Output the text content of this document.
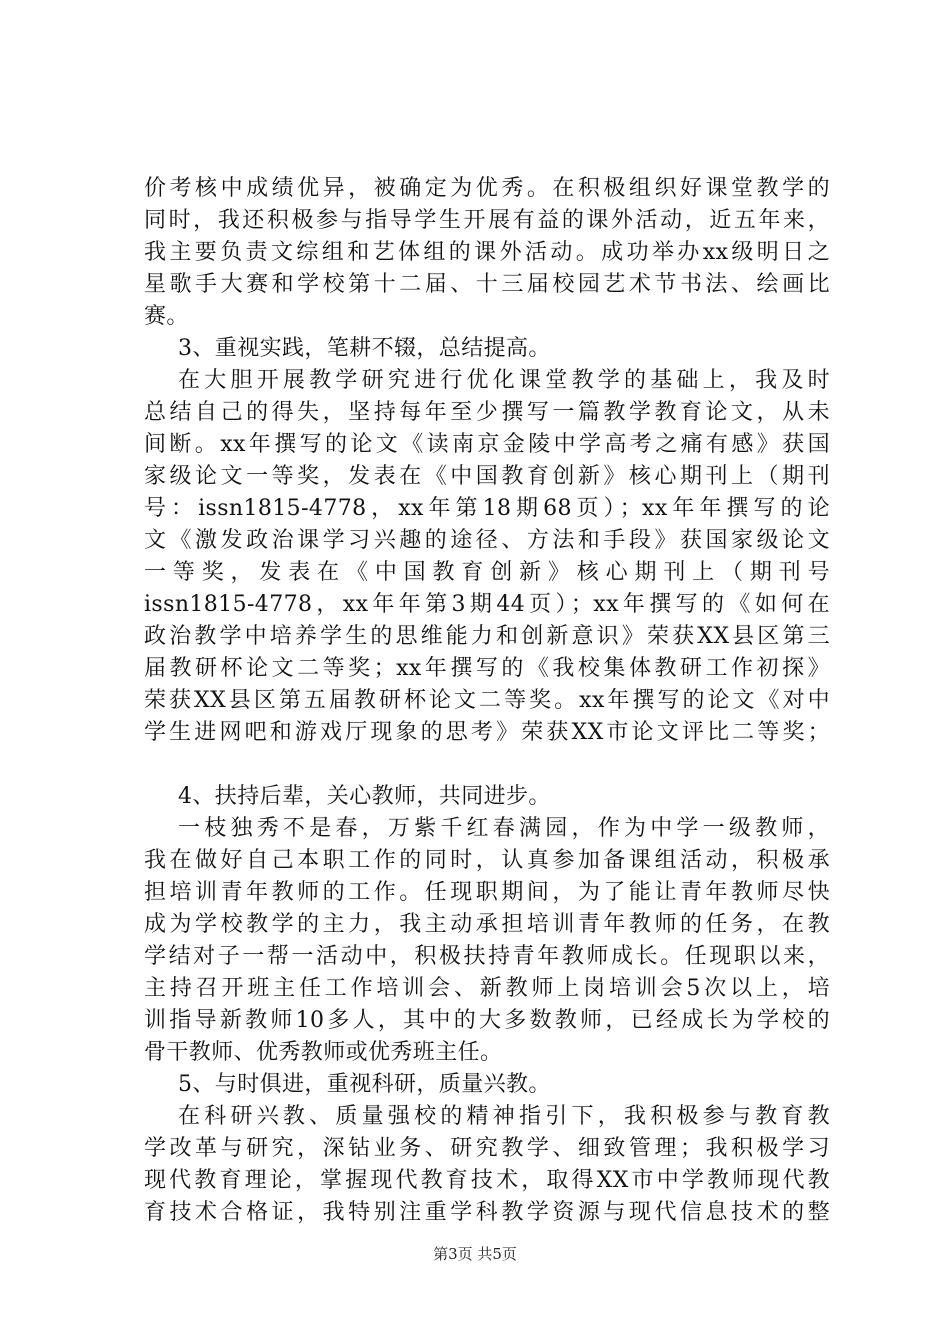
价考核中成绩优异，被确定为优秀。在积极组织好课堂教学的
同时，我还积极参与指导学生开展有益的课外活动，近五年来，
我主要负责文综组和艺体组的课外活动。成功举办xx级明日之
星歌手大赛和学校第十二届、十三届校园艺术节书法、绘画比
赛。
3、重视实践，笔耕不辍，总结提高。
在大胆开展教学研究进行优化课堂教学的基础上，我及时
总结自己的得失，坚持每年至少撰写一篇教学教育论文，从未
间断。xx年撰写的论文《读南京金陵中学高考之痛有感》获国
家级论文一等奖，发表在《中国教育创新》核心期刊上（期刊
号：issn1815-4778，xx年第18期68页）；xx年年撰写的论
文《激发政治课学习兴趣的途径、方法和手段》获国家级论文
一等奖，发表在《中国教育创新》核心期刊上（期刊号
issn1815-4778，xx年年第3期44页）；xx年撰写的《如何在
政治教学中培养学生的思维能力和创新意识》荣获XX县区第三
届教研杯论文二等奖；xx年撰写的《我校集体教研工作初探》
荣获XX县区第五届教研杯论文二等奖。xx年撰写的论文《对中
学生进网吧和游戏厅现象的思考》荣获XX市论文评比二等奖；
4、扶持后辈，关心教师，共同进步。
一枝独秀不是春，万紫千红春满园，作为中学一级教师，
我在做好自己本职工作的同时，认真参加备课组活动，积极承
担培训青年教师的工作。任现职期间，为了能让青年教师尽快
成为学校教学的主力，我主动承担培训青年教师的任务，在教
学结对子一帮一活动中，积极扶持青年教师成长。任现职以来，
主持召开班主任工作培训会、新教师上岗培训会5次以上，培
训指导新教师10多人，其中的大多数教师，已经成长为学校的
骨干教师、优秀教师或优秀班主任。
5、与时俱进，重视科研，质量兴教。
在科研兴教、质量强校的精神指引下，我积极参与教育教
学改革与研究，深钻业务、研究教学、细致管理；我积极学习
现代教育理论，掌握现代教育技术，取得XX市中学教师现代教
育技术合格证，我特别注重学科教学资源与现代信息技术的整
第3页 共5页
